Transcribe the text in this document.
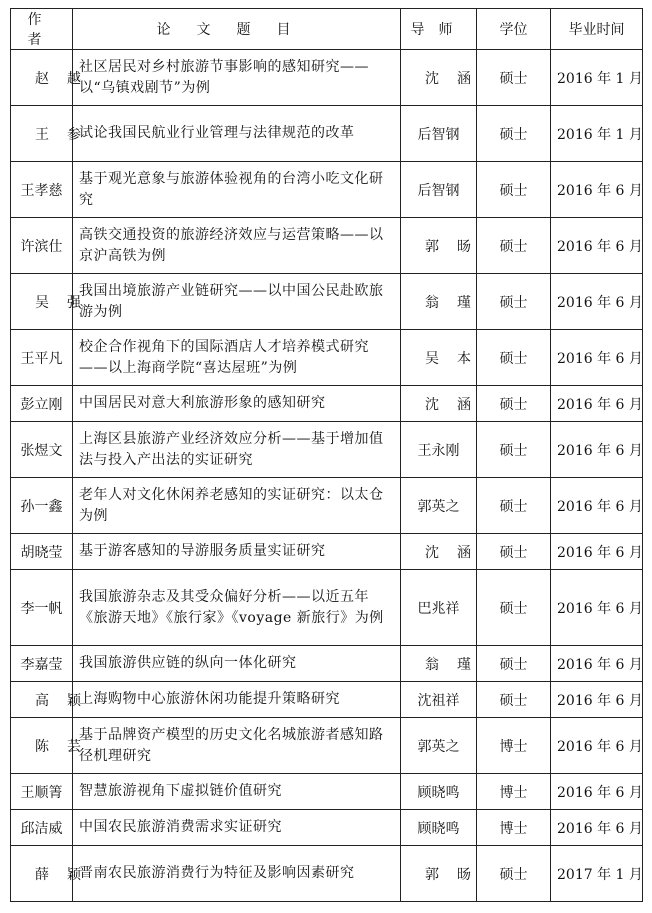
作者	论文题目	导师	学位	毕业时间
赵越	社区居民对乡村旅游节事影响的感知研究——以“乌镇戏剧节”为例	沈涵	硕士	2016 年 1 月
王参	试论我国民航业行业管理与法律规范的改革	后智钢	硕士	2016 年 1 月
王孝慈	基于观光意象与旅游体验视角的台湾小吃文化研究	后智钢	硕士	2016 年 6 月
许滨仕	高铁交通投资的旅游经济效应与运营策略——以京沪高铁为例	郭旸	硕士	2016 年 6 月
吴强	我国出境旅游产业链研究——以中国公民赴欧旅游为例	翁瑾	硕士	2016 年 6 月
王平凡	校企合作视角下的国际酒店人才培养模式研究——以上海商学院“喜达屋班”为例	吴本	硕士	2016 年 6 月
彭立刚	中国居民对意大利旅游形象的感知研究	沈涵	硕士	2016 年 6 月
张煜文	上海区县旅游产业经济效应分析——基于增加值法与投入产出法的实证研究	王永刚	硕士	2016 年 6 月
孙一鑫	老年人对文化休闲养老感知的实证研究：以太仓为例	郭英之	硕士	2016 年 6 月
胡晓莹	基于游客感知的导游服务质量实证研究	沈涵	硕士	2016 年 6 月
李一帆	我国旅游杂志及其受众偏好分析——以近五年《旅游天地》《旅行家》《voyage 新旅行》为例	巴兆祥	硕士	2016 年 6 月
李嘉莹	我国旅游供应链的纵向一体化研究	翁瑾	硕士	2016 年 6 月
高颖	上海购物中心旅游休闲功能提升策略研究	沈祖祥	硕士	2016 年 6 月
陈芸	基于品牌资产模型的历史文化名城旅游者感知路径机理研究	郭英之	博士	2016 年 6 月
王顺箐	智慧旅游视角下虚拟链价值研究	顾晓鸣	博士	2016 年 6 月
邱洁威	中国农民旅游消费需求实证研究	顾晓鸣	博士	2016 年 6 月
薛颖	晋南农民旅游消费行为特征及影响因素研究	郭旸	硕士	2017 年 1 月
